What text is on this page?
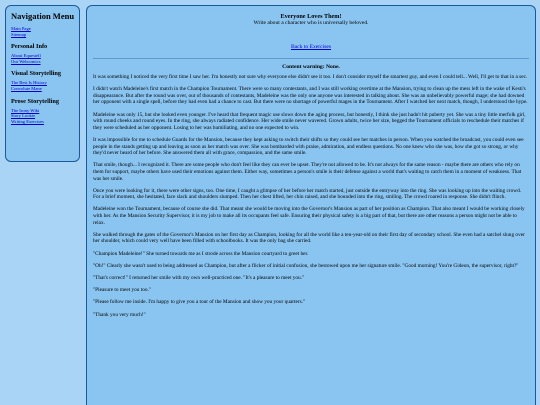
Navigation Menu
Main Page
Sitemap
Personal Info
About Equestell
Our Webcomics
Visual Storytelling
The Rest Is History
Convolute Mane
Prose Storytelling
The Irony Wiki
Story Lookie
Writing Exercises
Everyone Loves Them!
Write about a character who is universally beloved.
Back to Exercises
Content warning: None.

It was something I noticed the very first time I saw her. I'm honestly not sure why everyone else didn't see it too. I don't consider myself the smartest guy, and even I could tell... Well, I'll get to that in a sec.

I didn't watch Madeleine's first match in the Champion Tournament. There were so many contestants, and I was still working overtime at the Mansion, trying to clean up the mess left in the wake of Kesti's disappearance. But after the round was over, out of thousands of contestants, Madeleine was the only one anyone was interested in talking about. She was an unbelievably powerful mage; she had downed her opponent with a single spell, before they had even had a chance to cast. But there were no shortage of powerful mages in the Tournament. After I watched her next match, though, I understood the hype.

Madeleine was only 15, but she looked even younger. I've heard that frequent magic use slows down the aging process, but honestly, I think she just hadn't hit puberty yet. She was a tiny little merfolk girl, with round cheeks and round eyes. In the ring, she always radiated confidence. Her wide smile never wavered. Grown adults, twice her size, begged the Tournament officials to reschedule their matches if they were scheduled as her opponent. Losing to her was humiliating, and no one expected to win.

It was impossible for me to schedule Guards for the Mansion, because they kept asking to switch their shifts so they could see her matches in person. When you watched the broadcast, you could even see people in the stands getting up and leaving as soon as her match was over. She was bombarded with praise, admiration, and endless questions. No one knew who she was, how she got so strong, or why they'd never heard of her before. She answered them all with grace, compassion, and the same smile.

That smile, though... I recognized it. There are some people who don't feel like they can ever be upset. They're not allowed to be. It's not always for the same reason - maybe there are others who rely on them for support, maybe others have used their emotions against them. Either way, sometimes a person's smile is their defense against a world that's waiting to catch them in a moment of weakness. That was her smile.

Once you were looking for it, there were other signs, too. One time, I caught a glimpse of her before her match started, just outside the entryway into the ring. She was looking up into the waiting crowd. For a brief moment, she hesitated, face slack and shoulders slumped. Then her chest lifted, her chin raised, and she bounded into the ring, smiling. The crowd roared in response. She didn't flinch.

Madeleine won the Tournament, because of course she did. That meant she would be moving into the Governor's Mansion as part of her position as Champion. That also meant I would be working closely with her. As the Mansion Security Supervisor, it is my job to make all its occupants feel safe. Ensuring their physical safety is a big part of that, but there are other reasons a person might not be able to relax.

She walked through the gates of the Governor's Mansion on her first day as Champion, looking for all the world like a ten-year-old on their first day of secondary school. She even had a satchel slung over her shoulder, which could very well have been filled with schoolbooks. It was the only bag she carried.

"Champion Madeleine!" She turned towards me as I strode across the Mansion courtyard to greet her.

"Oh!" Clearly she wasn't used to being addressed as Champion, but after a flicker of initial confusion, she bestowed upon me her signature smile. "Good morning! You're Gideon, the supervisor, right?"

"That's correct!" I returned her smile with my own well-practiced one. "It's a pleasure to meet you."

"Pleasure to meet you too."

"Please follow me inside. I'm happy to give you a tour of the Mansion and show you your quarters."

"Thank you very much!"
